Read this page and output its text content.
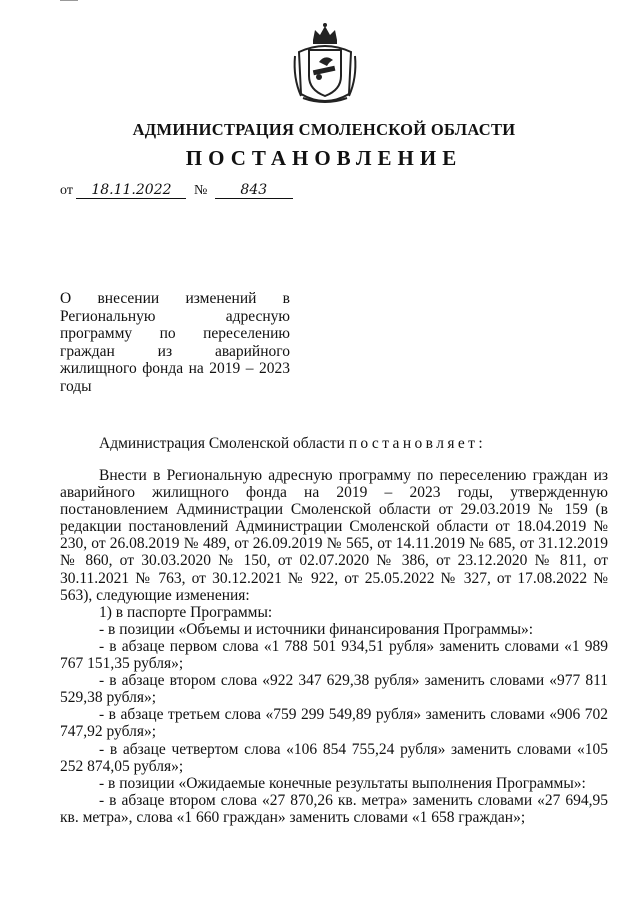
АДМИНИСТРАЦИЯ СМОЛЕНСКОЙ ОБЛАСТИ
ПОСТАНОВЛЕНИЕ
от 18.11.2022 № 843
О внесении изменений в Региональную адресную программу по переселению граждан из аварийного жилищного фонда на 2019 – 2023 годы
Администрация Смоленской области постановляет:

Внести в Региональную адресную программу по переселению граждан из аварийного жилищного фонда на 2019 – 2023 годы, утвержденную постановлением Администрации Смоленской области от 29.03.2019 № 159 (в редакции постановлений Администрации Смоленской области от 18.04.2019 № 230, от 26.08.2019 № 489, от 26.09.2019 № 565, от 14.11.2019 № 685, от 31.12.2019 № 860, от 30.03.2020 № 150, от 02.07.2020 № 386, от 23.12.2020 № 811, от 30.11.2021 № 763, от 30.12.2021 № 922, от 25.05.2022 № 327, от 17.08.2022 № 563), следующие изменения:

1) в паспорте Программы:

- в позиции «Объемы и источники финансирования Программы»:

- в абзаце первом слова «1 788 501 934,51 рубля» заменить словами «1 989 767 151,35 рубля»;

- в абзаце втором слова «922 347 629,38 рубля» заменить словами «977 811 529,38 рубля»;

- в абзаце третьем слова «759 299 549,89 рубля» заменить словами «906 702 747,92 рубля»;

- в абзаце четвертом слова «106 854 755,24 рубля» заменить словами «105 252 874,05 рубля»;

- в позиции «Ожидаемые конечные результаты выполнения Программы»:

- в абзаце втором слова «27 870,26 кв. метра» заменить словами «27 694,95 кв. метра», слова «1 660 граждан» заменить словами «1 658 граждан»;
